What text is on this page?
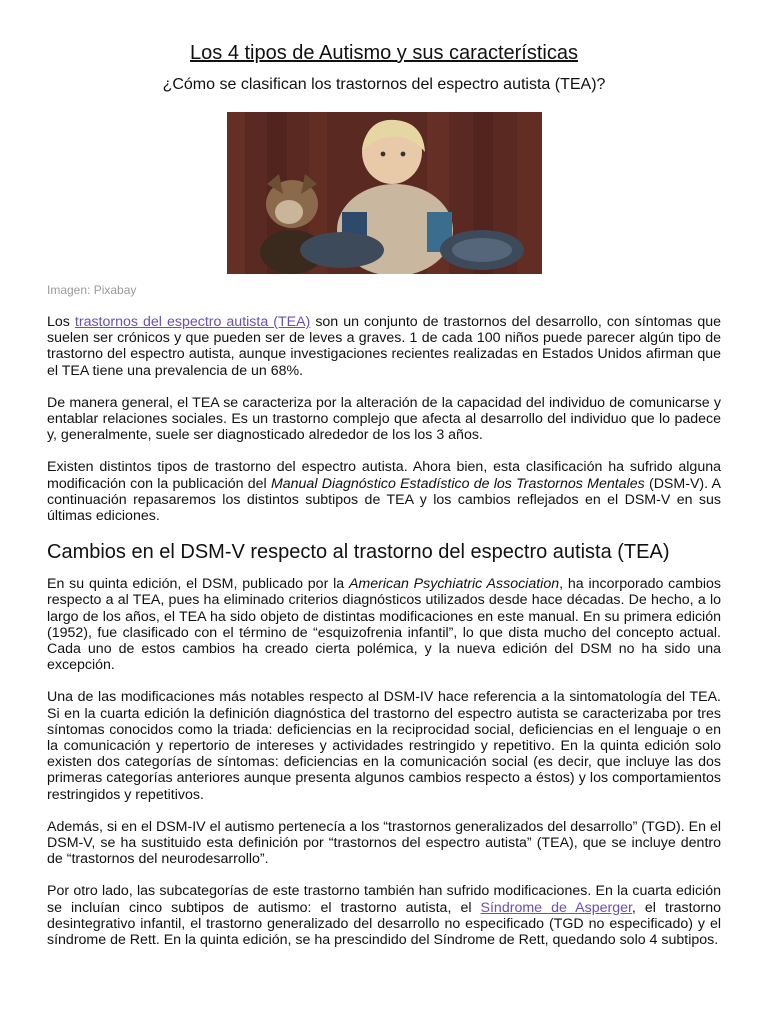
Los 4 tipos de Autismo y sus características
¿Cómo se clasifican los trastornos del espectro autista (TEA)?
Imagen: Pixabay

Los trastornos del espectro autista (TEA) son un conjunto de trastornos del desarrollo, con síntomas que suelen ser crónicos y que pueden ser de leves a graves. 1 de cada 100 niños puede parecer algún tipo de trastorno del espectro autista, aunque investigaciones recientes realizadas en Estados Unidos afirman que el TEA tiene una prevalencia de un 68%.

De manera general, el TEA se caracteriza por la alteración de la capacidad del individuo de comunicarse y entablar relaciones sociales. Es un trastorno complejo que afecta al desarrollo del individuo que lo padece y, generalmente, suele ser diagnosticado alrededor de los los 3 años.

Existen distintos tipos de trastorno del espectro autista. Ahora bien, esta clasificación ha sufrido alguna modificación con la publicación del Manual Diagnóstico Estadístico de los Trastornos Mentales (DSM-V). A continuación repasaremos los distintos subtipos de TEA y los cambios reflejados en el DSM-V en sus últimas ediciones.

Cambios en el DSM-V respecto al trastorno del espectro autista (TEA)

En su quinta edición, el DSM, publicado por la American Psychiatric Association, ha incorporado cambios respecto a al TEA, pues ha eliminado criterios diagnósticos utilizados desde hace décadas. De hecho, a lo largo de los años, el TEA ha sido objeto de distintas modificaciones en este manual. En su primera edición (1952), fue clasificado con el término de “esquizofrenia infantil”, lo que dista mucho del concepto actual. Cada uno de estos cambios ha creado cierta polémica, y la nueva edición del DSM no ha sido una excepción.

Una de las modificaciones más notables respecto al DSM-IV hace referencia a la sintomatología del TEA. Si en la cuarta edición la definición diagnóstica del trastorno del espectro autista se caracterizaba por tres síntomas conocidos como la triada: deficiencias en la reciprocidad social, deficiencias en el lenguaje o en la comunicación y repertorio de intereses y actividades restringido y repetitivo. En la quinta edición solo existen dos categorías de síntomas: deficiencias en la comunicación social (es decir, que incluye las dos primeras categorías anteriores aunque presenta algunos cambios respecto a éstos) y los comportamientos restringidos y repetitivos.

Además, si en el DSM-IV el autismo pertenecía a los “trastornos generalizados del desarrollo” (TGD). En el DSM-V, se ha sustituido esta definición por “trastornos del espectro autista” (TEA), que se incluye dentro de “trastornos del neurodesarrollo”.

Por otro lado, las subcategorías de este trastorno también han sufrido modificaciones. En la cuarta edición se incluían cinco subtipos de autismo: el trastorno autista, el Síndrome de Asperger, el trastorno desintegrativo infantil, el trastorno generalizado del desarrollo no especificado (TGD no especificado) y el síndrome de Rett. En la quinta edición, se ha prescindido del Síndrome de Rett, quedando solo 4 subtipos.
